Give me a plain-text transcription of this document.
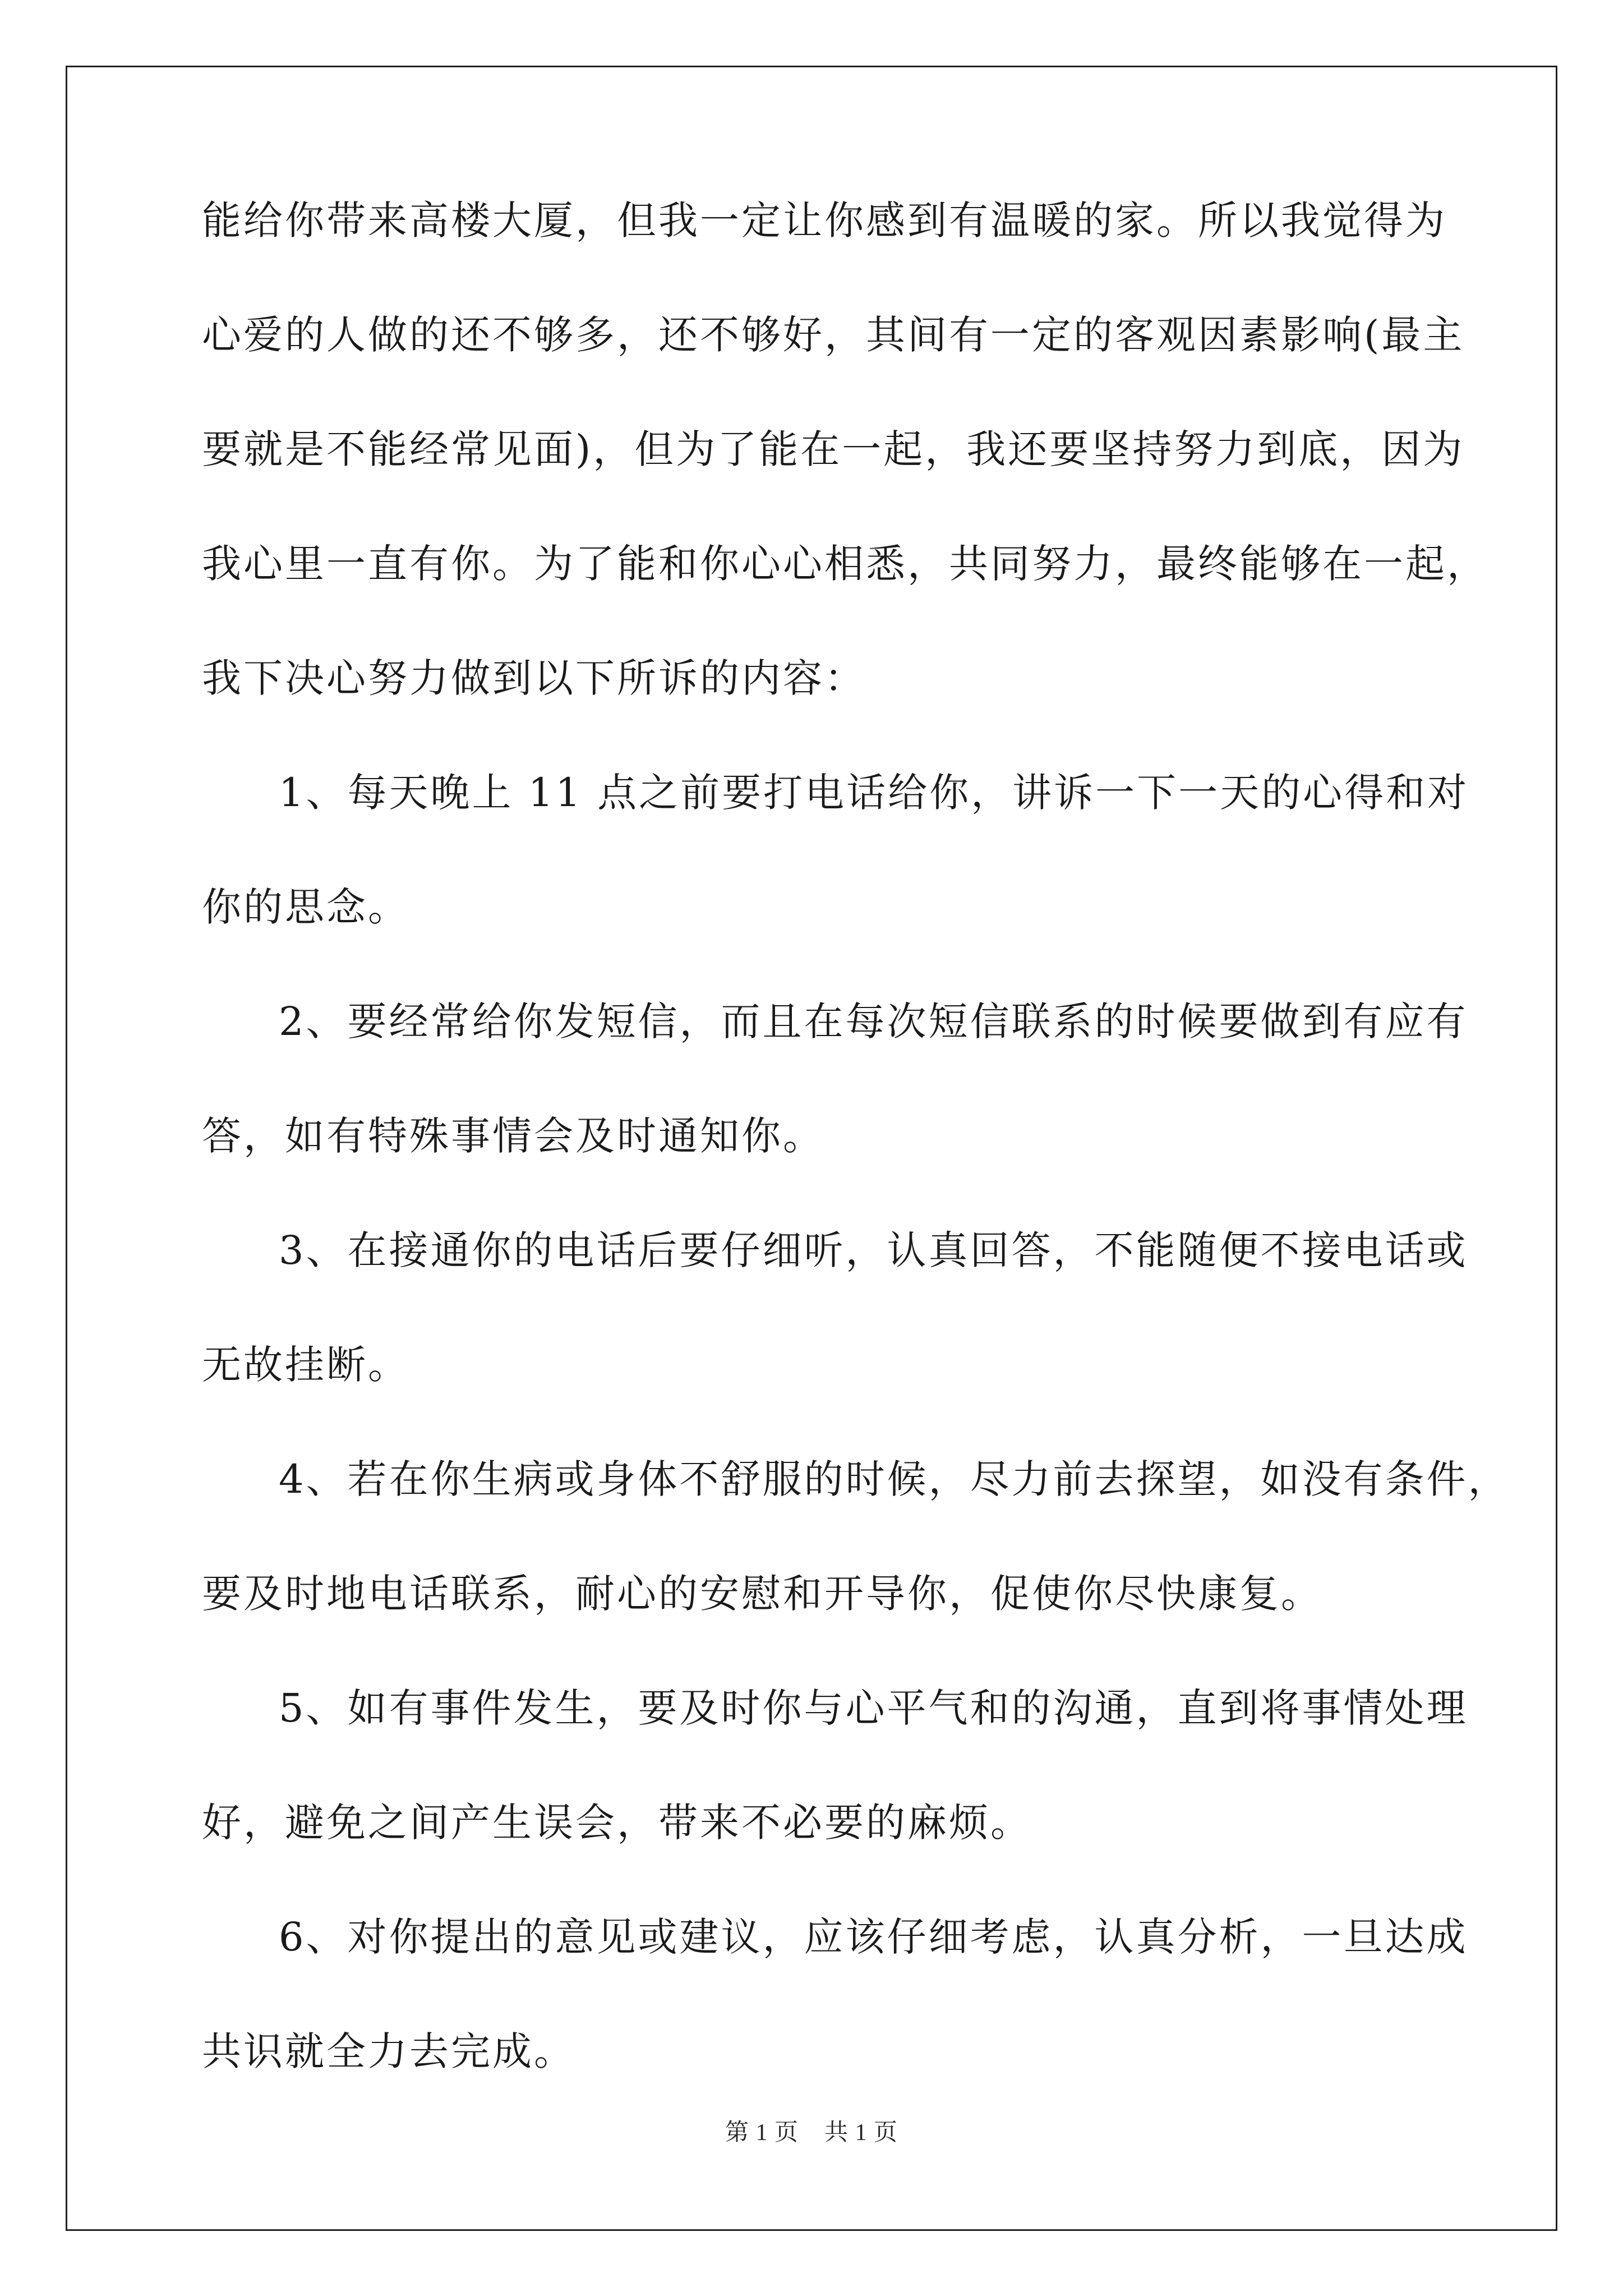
能给你带来高楼大厦，但我一定让你感到有温暖的家。所以我觉得为
心爱的人做的还不够多，还不够好，其间有一定的客观因素影响(最主
要就是不能经常见面)，但为了能在一起，我还要坚持努力到底，因为
我心里一直有你。为了能和你心心相悉，共同努力，最终能够在一起，
我下决心努力做到以下所诉的内容：
1、每天晚上 11 点之前要打电话给你，讲诉一下一天的心得和对
你的思念。
2、要经常给你发短信，而且在每次短信联系的时候要做到有应有
答，如有特殊事情会及时通知你。
3、在接通你的电话后要仔细听，认真回答，不能随便不接电话或
无故挂断。
4、若在你生病或身体不舒服的时候，尽力前去探望，如没有条件，
要及时地电话联系，耐心的安慰和开导你，促使你尽快康复。
5、如有事件发生，要及时你与心平气和的沟通，直到将事情处理
好，避免之间产生误会，带来不必要的麻烦。
6、对你提出的意见或建议，应该仔细考虑，认真分析，一旦达成
共识就全力去完成。
第 1 页 共 1 页
